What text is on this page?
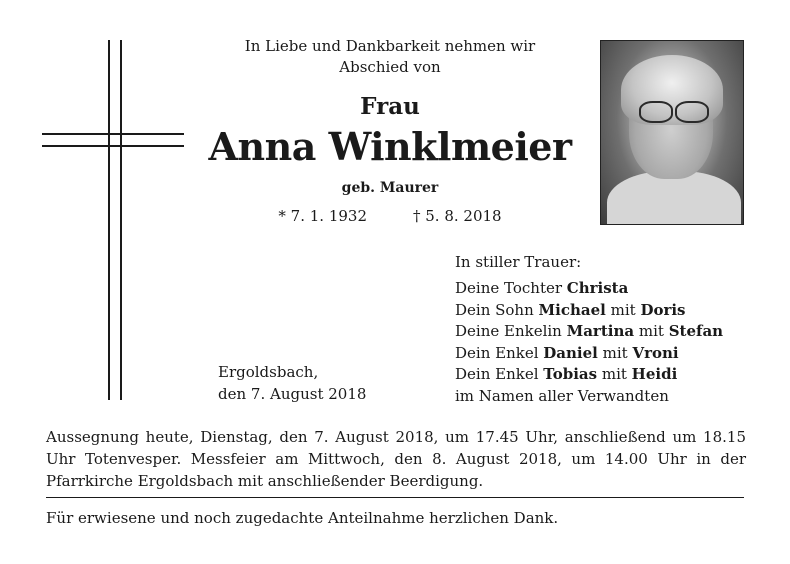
In Liebe und Dankbarkeit nehmen wir
Abschied von
Frau
Anna Winklmeier
geb. Maurer
* 7. 1. 1932	† 5. 8. 2018
In stiller Trauer:
Deine Tochter Christa
Dein Sohn Michael mit Doris
Deine Enkelin Martina mit Stefan
Dein Enkel Daniel mit Vroni
Dein Enkel Tobias mit Heidi
im Namen aller Verwandten
Ergoldsbach,
den 7. August 2018
Aussegnung heute, Dienstag, den 7. August 2018, um 17.45 Uhr, anschließend um 18.15 Uhr Totenvesper. Messfeier am Mittwoch, den 8. August 2018, um 14.00 Uhr in der Pfarrkirche Ergoldsbach mit anschließender Beerdigung.
Für erwiesene und noch zugedachte Anteilnahme herzlichen Dank.
